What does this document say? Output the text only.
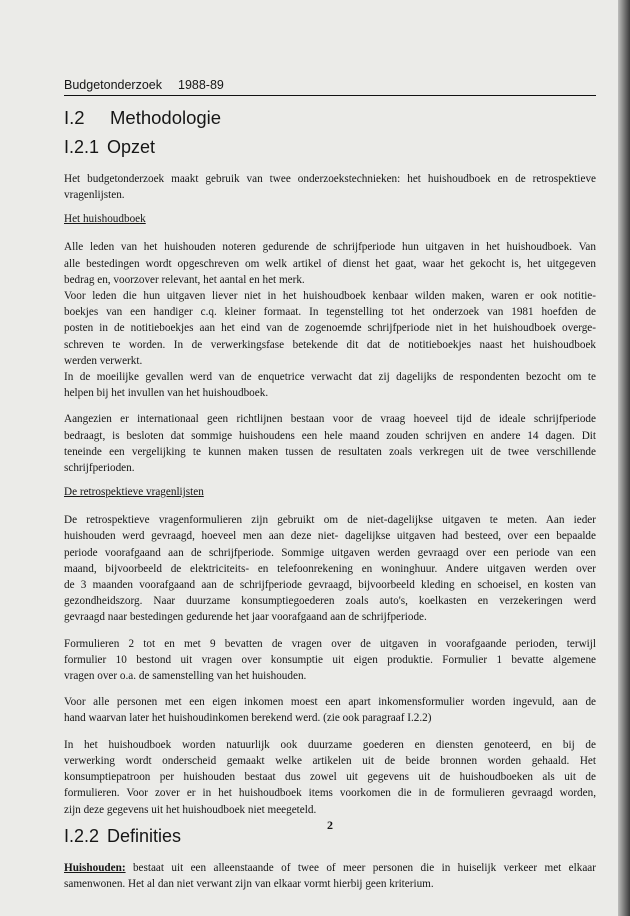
Budgetonderzoek 1988-89
I.2 Methodologie
I.2.1 Opzet
Het budgetonderzoek maakt gebruik van twee onderzoekstechnieken: het huishoudboek en de retrospektieve
vragenlijsten.
Het huishoudboek
Alle leden van het huishouden noteren gedurende de schrijfperiode hun uitgaven in het huishoudboek. Van
alle bestedingen wordt opgeschreven om welk artikel of dienst het gaat, waar het gekocht is, het uitgegeven
bedrag en, voorzover relevant, het aantal en het merk.
Voor leden die hun uitgaven liever niet in het huishoudboek kenbaar wilden maken, waren er ook notitie-
boekjes van een handiger c.q. kleiner formaat. In tegenstelling tot het onderzoek van 1981 hoefden de
posten in de notitieboekjes aan het eind van de zogenoemde schrijfperiode niet in het huishoudboek overge-
schreven te worden. In de verwerkingsfase betekende dit dat de notitieboekjes naast het huishoudboek
werden verwerkt.
In de moeilijke gevallen werd van de enquetrice verwacht dat zij dagelijks de respondenten bezocht om te
helpen bij het invullen van het huishoudboek.
Aangezien er internationaal geen richtlijnen bestaan voor de vraag hoeveel tijd de ideale schrijfperiode
bedraagt, is besloten dat sommige huishoudens een hele maand zouden schrijven en andere 14 dagen. Dit
teneinde een vergelijking te kunnen maken tussen de resultaten zoals verkregen uit de twee verschillende
schrijfperioden.
De retrospektieve vragenlijsten
De retrospektieve vragenformulieren zijn gebruikt om de niet-dagelijkse uitgaven te meten. Aan ieder
huishouden werd gevraagd, hoeveel men aan deze niet- dagelijkse uitgaven had besteed, over een bepaalde
periode voorafgaand aan de schrijfperiode. Sommige uitgaven werden gevraagd over een periode van een
maand, bijvoorbeeld de elektriciteits- en telefoonrekening en woninghuur. Andere uitgaven werden over
de 3 maanden voorafgaand aan de schrijfperiode gevraagd, bijvoorbeeld kleding en schoeisel, en kosten van
gezondheidszorg. Naar duurzame konsumptiegoederen zoals auto's, koelkasten en verzekeringen werd
gevraagd naar bestedingen gedurende het jaar voorafgaand aan de schrijfperiode.
Formulieren 2 tot en met 9 bevatten de vragen over de uitgaven in voorafgaande perioden, terwijl
formulier 10 bestond uit vragen over konsumptie uit eigen produktie. Formulier 1 bevatte algemene
vragen over o.a. de samenstelling van het huishouden.
Voor alle personen met een eigen inkomen moest een apart inkomensformulier worden ingevuld, aan de
hand waarvan later het huishoudinkomen berekend werd. (zie ook paragraaf I.2.2)
In het huishoudboek worden natuurlijk ook duurzame goederen en diensten genoteerd, en bij de
verwerking wordt onderscheid gemaakt welke artikelen uit de beide bronnen worden gehaald. Het
konsumptiepatroon per huishouden bestaat dus zowel uit gegevens uit de huishoudboeken als uit de
formulieren. Voor zover er in het huishoudboek items voorkomen die in de formulieren gevraagd worden,
zijn deze gegevens uit het huishoudboek niet meegeteld.
I.2.2 Definities
Huishouden: bestaat uit een alleenstaande of twee of meer personen die in huiselijk verkeer met elkaar
samenwonen. Het al dan niet verwant zijn van elkaar vormt hierbij geen kriterium.
2
